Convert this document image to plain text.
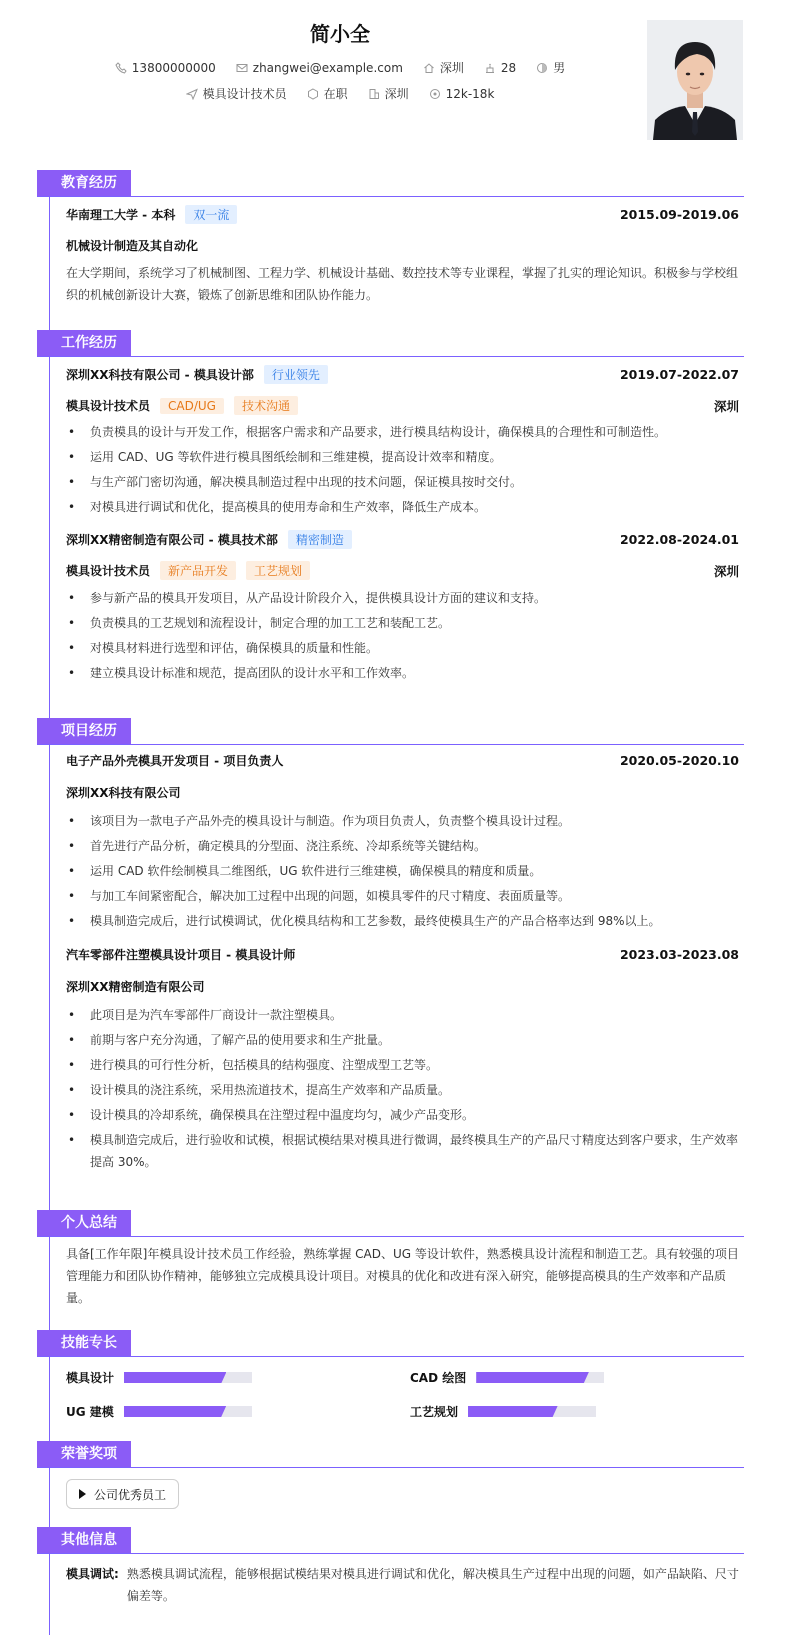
简小全
13800000000	zhangwei@example.com	深圳	28	男
模具设计技术员	在职	深圳	12k-18k
教育经历
华南理工大学 - 本科	双一流	2015.09-2019.06
机械设计制造及其自动化
在大学期间，系统学习了机械制图、工程力学、机械设计基础、数控技术等专业课程，掌握了扎实的理论知识。积极参与学校组织的机械创新设计大赛，锻炼了创新思维和团队协作能力。
工作经历
深圳XX科技有限公司 - 模具设计部	行业领先	2019.07-2022.07
模具设计技术员	CAD/UG	技术沟通	深圳
• 负责模具的设计与开发工作，根据客户需求和产品要求，进行模具结构设计，确保模具的合理性和可制造性。
• 运用 CAD、UG 等软件进行模具图纸绘制和三维建模，提高设计效率和精度。
• 与生产部门密切沟通，解决模具制造过程中出现的技术问题，保证模具按时交付。
• 对模具进行调试和优化，提高模具的使用寿命和生产效率，降低生产成本。
深圳XX精密制造有限公司 - 模具技术部	精密制造	2022.08-2024.01
模具设计技术员	新产品开发	工艺规划	深圳
• 参与新产品的模具开发项目，从产品设计阶段介入，提供模具设计方面的建议和支持。
• 负责模具的工艺规划和流程设计，制定合理的加工工艺和装配工艺。
• 对模具材料进行选型和评估，确保模具的质量和性能。
• 建立模具设计标准和规范，提高团队的设计水平和工作效率。
项目经历
电子产品外壳模具开发项目 - 项目负责人	2020.05-2020.10
深圳XX科技有限公司
• 该项目为一款电子产品外壳的模具设计与制造。作为项目负责人，负责整个模具设计过程。
• 首先进行产品分析，确定模具的分型面、浇注系统、冷却系统等关键结构。
• 运用 CAD 软件绘制模具二维图纸，UG 软件进行三维建模，确保模具的精度和质量。
• 与加工车间紧密配合，解决加工过程中出现的问题，如模具零件的尺寸精度、表面质量等。
• 模具制造完成后，进行试模调试，优化模具结构和工艺参数，最终使模具生产的产品合格率达到 98%以上。
汽车零部件注塑模具设计项目 - 模具设计师	2023.03-2023.08
深圳XX精密制造有限公司
• 此项目是为汽车零部件厂商设计一款注塑模具。
• 前期与客户充分沟通，了解产品的使用要求和生产批量。
• 进行模具的可行性分析，包括模具的结构强度、注塑成型工艺等。
• 设计模具的浇注系统，采用热流道技术，提高生产效率和产品质量。
• 设计模具的冷却系统，确保模具在注塑过程中温度均匀，减少产品变形。
• 模具制造完成后，进行验收和试模，根据试模结果对模具进行微调，最终模具生产的产品尺寸精度达到客户要求，生产效率提高 30%。
个人总结
具备[工作年限]年模具设计技术员工作经验，熟练掌握 CAD、UG 等设计软件，熟悉模具设计流程和制造工艺。具有较强的项目管理能力和团队协作精神，能够独立完成模具设计项目。对模具的优化和改进有深入研究，能够提高模具的生产效率和产品质量。
技能专长
模具设计	CAD 绘图
UG 建模	工艺规划
荣誉奖项
公司优秀员工
其他信息
模具调试: 熟悉模具调试流程，能够根据试模结果对模具进行调试和优化，解决模具生产过程中出现的问题，如产品缺陷、尺寸偏差等。
